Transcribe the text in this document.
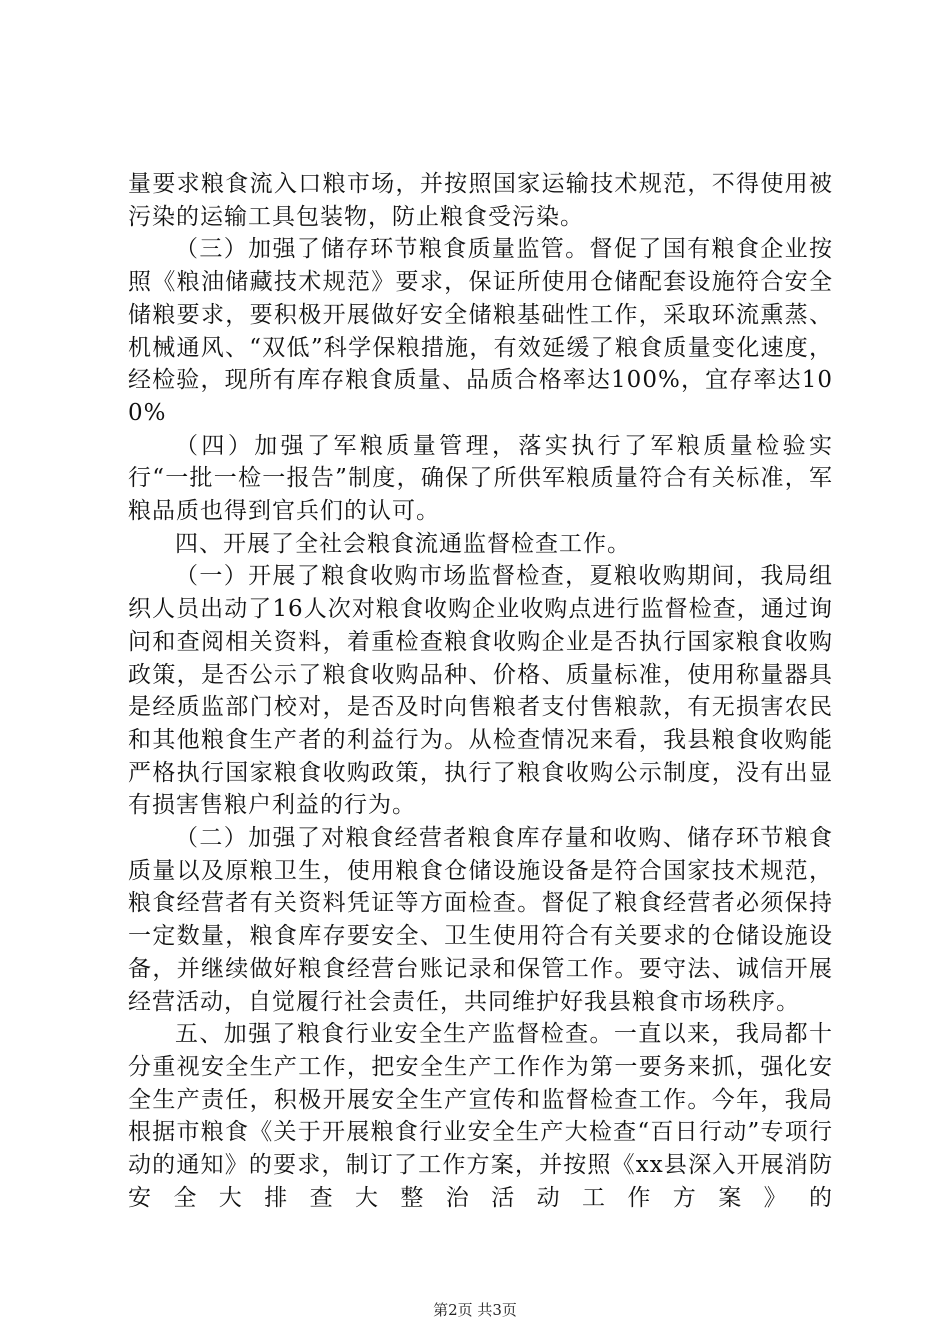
量要求粮食流入口粮市场，并按照国家运输技术规范，不得使用被污染的运输工具包装物，防止粮食受污染。

（三）加强了储存环节粮食质量监管。督促了国有粮食企业按照《粮油储藏技术规范》要求，保证所使用仓储配套设施符合安全储粮要求，要积极开展做好安全储粮基础性工作，采取环流熏蒸、机械通风、“双低”科学保粮措施，有效延缓了粮食质量变化速度，经检验，现所有库存粮食质量、品质合格率达100%，宜存率达100%

（四）加强了军粮质量管理，落实执行了军粮质量检验实行“一批一检一报告”制度，确保了所供军粮质量符合有关标准，军粮品质也得到官兵们的认可。

四、开展了全社会粮食流通监督检查工作。

（一）开展了粮食收购市场监督检查，夏粮收购期间，我局组织人员出动了16人次对粮食收购企业收购点进行监督检查，通过询问和查阅相关资料，着重检查粮食收购企业是否执行国家粮食收购政策，是否公示了粮食收购品种、价格、质量标准，使用称量器具是经质监部门校对，是否及时向售粮者支付售粮款，有无损害农民和其他粮食生产者的利益行为。从检查情况来看，我县粮食收购能严格执行国家粮食收购政策，执行了粮食收购公示制度，没有出显有损害售粮户利益的行为。

（二）加强了对粮食经营者粮食库存量和收购、储存环节粮食质量以及原粮卫生，使用粮食仓储设施设备是符合国家技术规范，粮食经营者有关资料凭证等方面检查。督促了粮食经营者必须保持一定数量，粮食库存要安全、卫生使用符合有关要求的仓储设施设备，并继续做好粮食经营台账记录和保管工作。要守法、诚信开展经营活动，自觉履行社会责任，共同维护好我县粮食市场秩序。

五、加强了粮食行业安全生产监督检查。一直以来，我局都十分重视安全生产工作，把安全生产工作作为第一要务来抓，强化安全生产责任，积极开展安全生产宣传和监督检查工作。今年，我局根据市粮食《关于开展粮食行业安全生产大检查“百日行动”专项行动的通知》的要求，制订了工作方案，并按照《xx县深入开展消防安全大排查大整治活动工作方案》的

第2页 共3页
